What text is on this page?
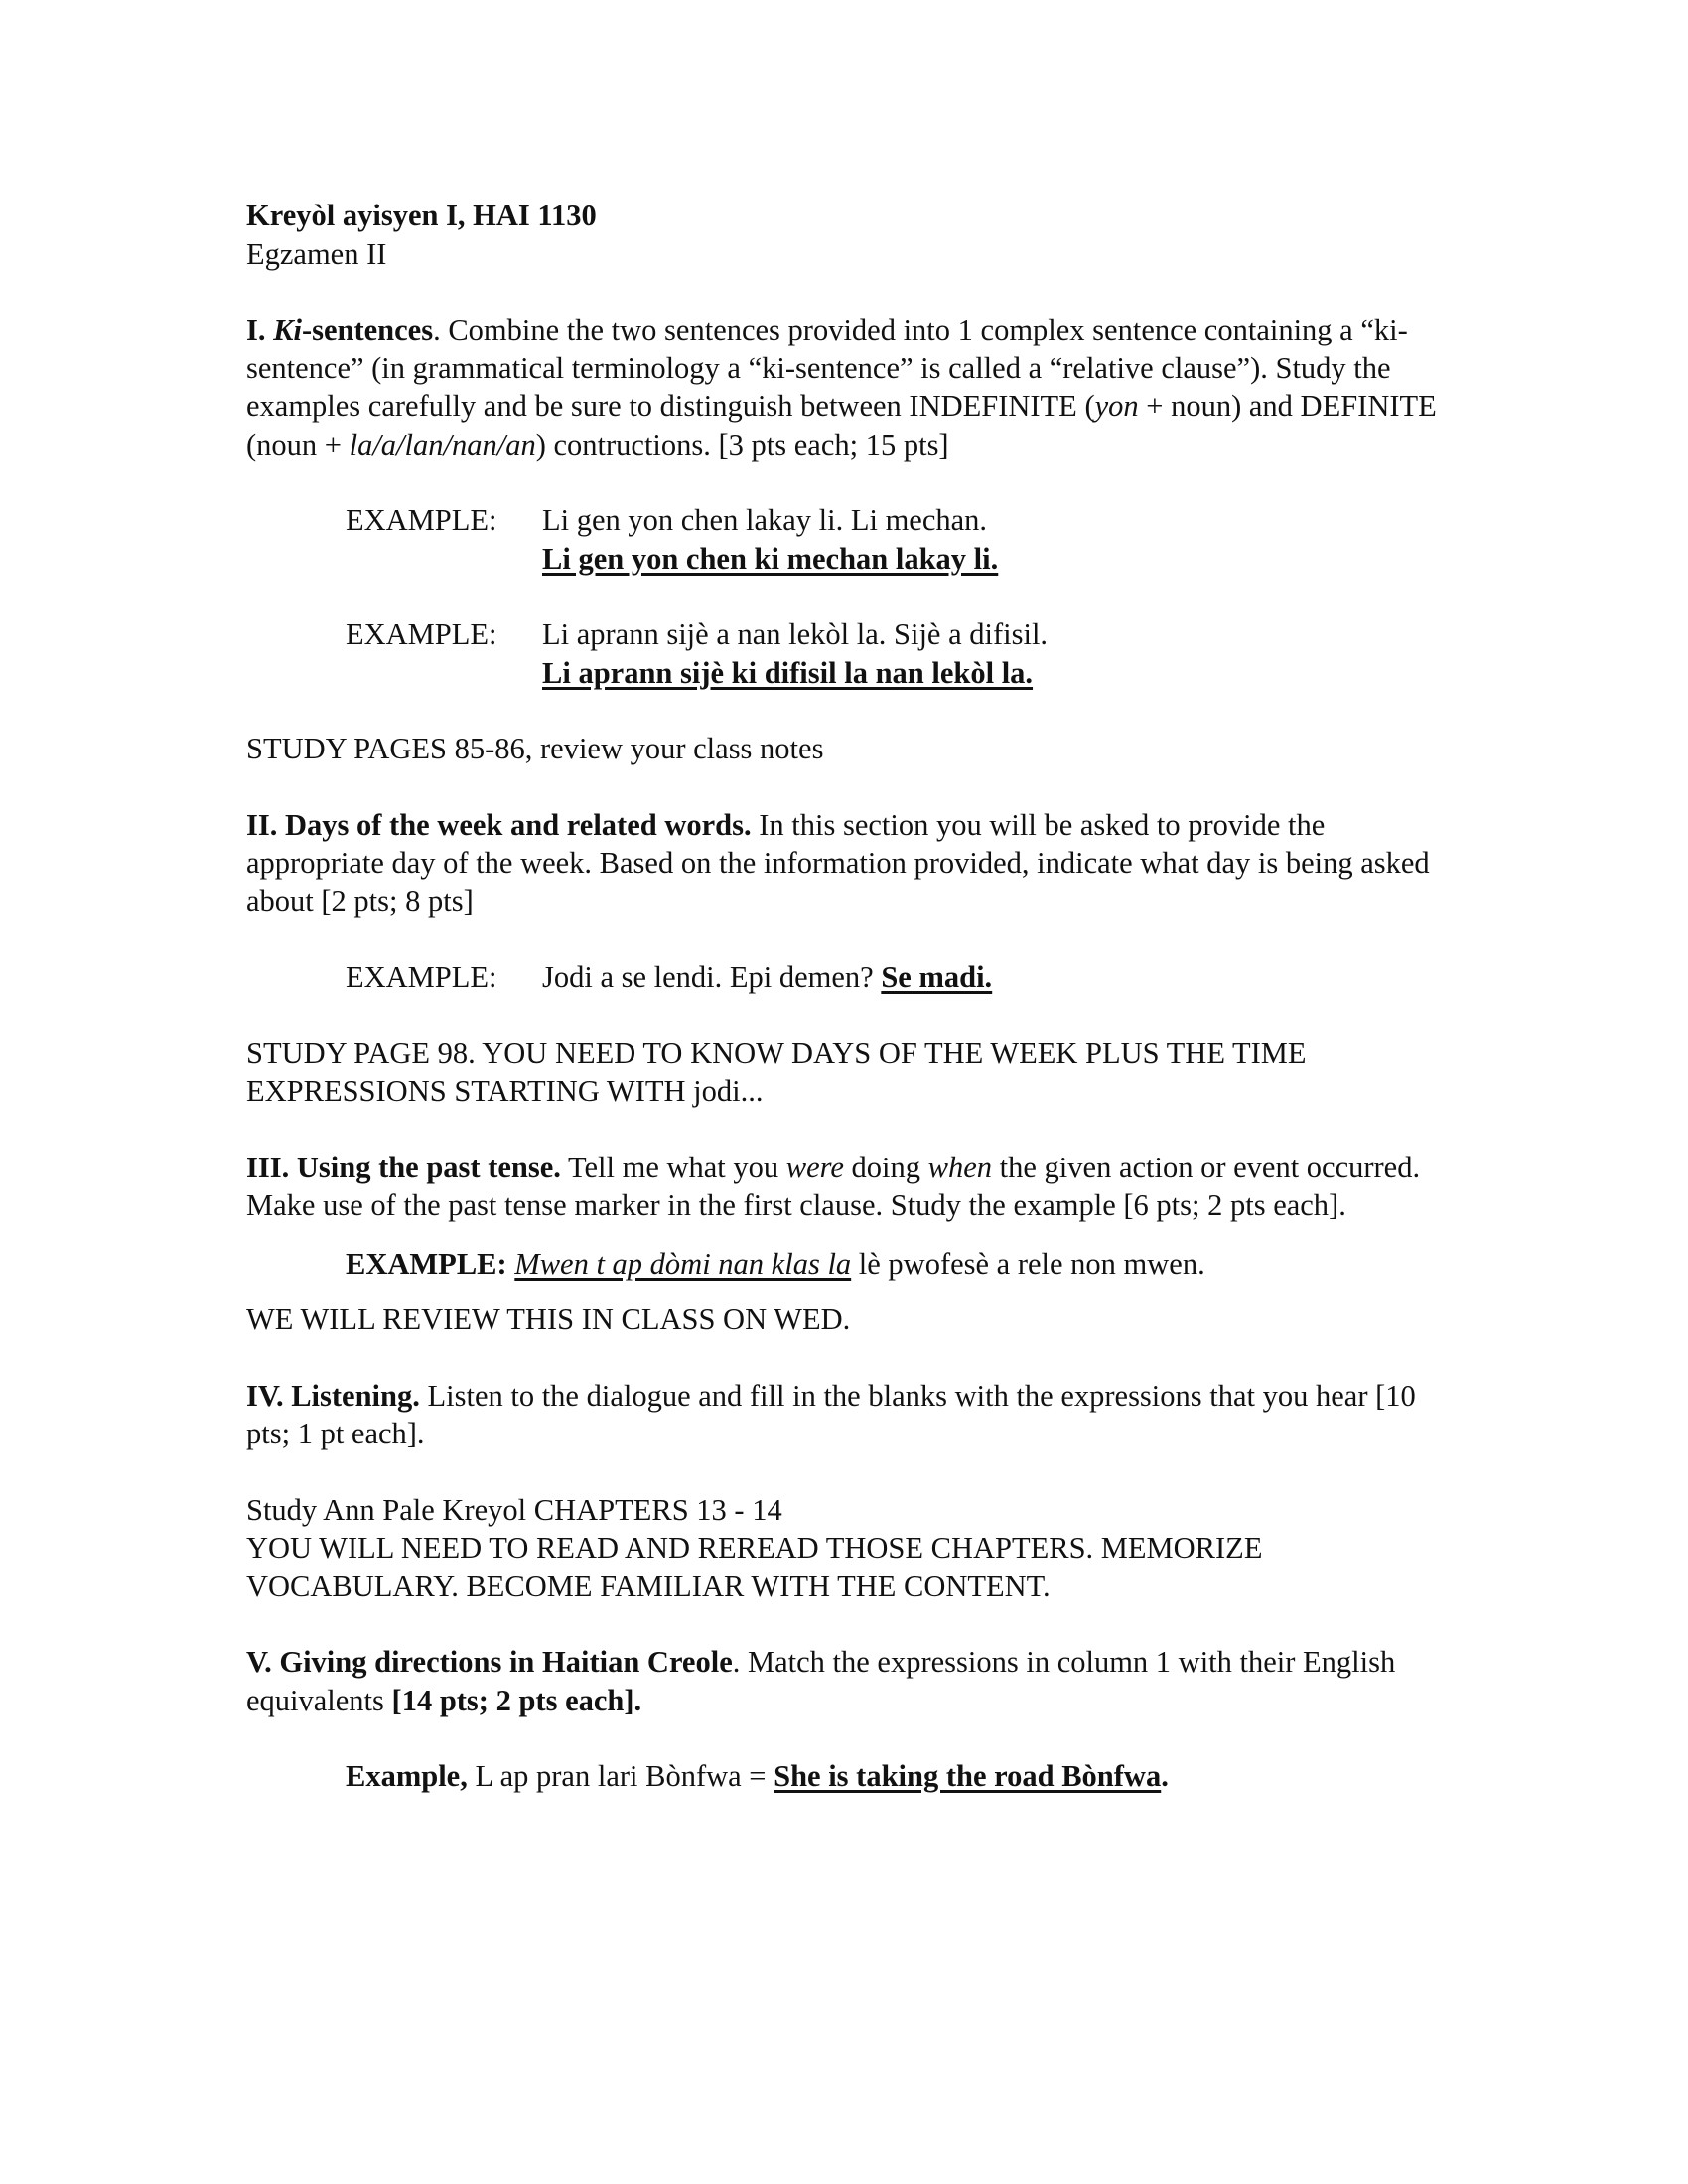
Kreyòl ayisyen I, HAI 1130

Egzamen II

I. Ki-sentences. Combine the two sentences provided into 1 complex sentence containing a “ki-sentence” (in grammatical terminology a “ki-sentence” is called a “relative clause”). Study the examples carefully and be sure to distinguish between INDEFINITE (yon + noun) and DEFINITE (noun + la/a/lan/nan/an) contructions. [3 pts each; 15 pts]

EXAMPLE:	Li gen yon chen lakay li. Li mechan.

Li gen yon chen ki mechan lakay li.

EXAMPLE:	Li aprann sijè a nan lekòl la. Sijè a difisil.

Li aprann sijè ki difisil la nan lekòl la.

STUDY PAGES 85-86, review your class notes

II. Days of the week and related words. In this section you will be asked to provide the appropriate day of the week. Based on the information provided, indicate what day is being asked about [2 pts; 8 pts]

EXAMPLE:	Jodi a se lendi. Epi demen? Se madi.

STUDY PAGE 98. YOU NEED TO KNOW DAYS OF THE WEEK PLUS THE TIME EXPRESSIONS STARTING WITH jodi...

III. Using the past tense. Tell me what you were doing when the given action or event occurred. Make use of the past tense marker in the first clause. Study the example [6 pts; 2 pts each].

EXAMPLE: Mwen t ap dòmi nan klas la lè pwofesè a rele non mwen.

WE WILL REVIEW THIS IN CLASS ON WED.

IV. Listening. Listen to the dialogue and fill in the blanks with the expressions that you hear [10 pts; 1 pt each].

Study Ann Pale Kreyol CHAPTERS 13 - 14

YOU WILL NEED TO READ AND REREAD THOSE CHAPTERS. MEMORIZE VOCABULARY. BECOME FAMILIAR WITH THE CONTENT.

V. Giving directions in Haitian Creole. Match the expressions in column 1 with their English equivalents [14 pts; 2 pts each].

Example, L ap pran lari Bònfwa = She is taking the road Bònfwa.
